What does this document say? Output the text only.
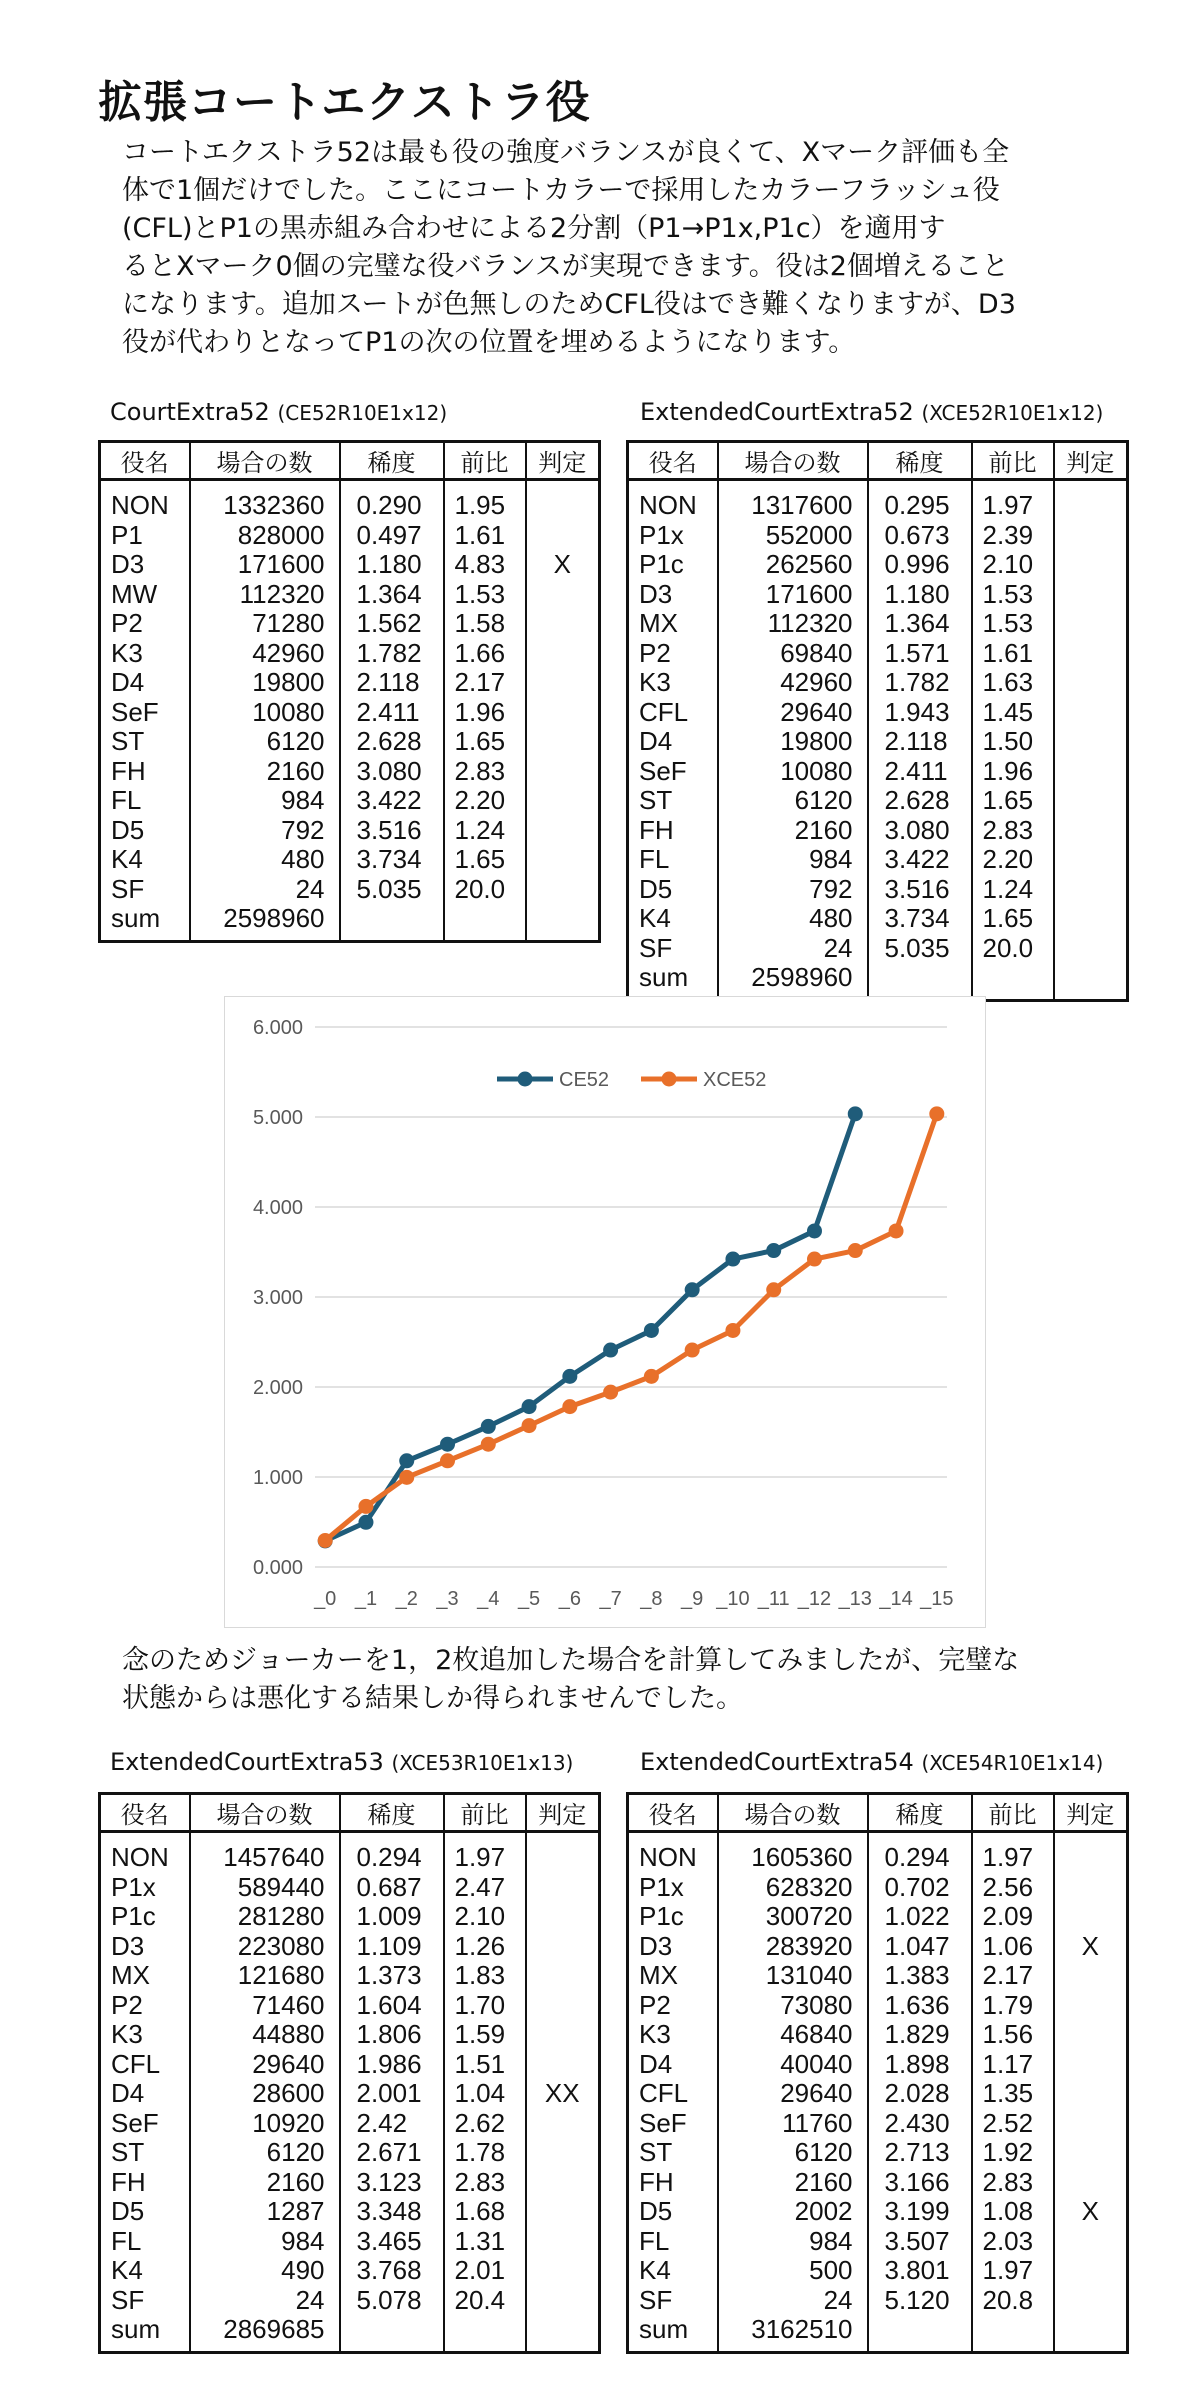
拡張コートエクストラ役
コートエクストラ52は最も役の強度バランスが良くて、Xマーク評価も全
体で1個だけでした。ここにコートカラーで採用したカラーフラッシュ役
(CFL)とP1の黒赤組み合わせによる2分割（P1→P1x,P1c）を適用す
るとXマーク0個の完璧な役バランスが実現できます。役は2個増えること
になります。追加スートが色無しのためCFL役はでき難くなりますが、D3
役が代わりとなってP1の次の位置を埋めるようになります。
CourtExtra52 (CE52R10E1x12)	ExtendedCourtExtra52 (XCE52R10E1x12)
役名	場合の数	稀度	前比	判定
NON	1332360	0.290	1.95	
P1	828000	0.497	1.61	
D3	171600	1.180	4.83	X
MW	112320	1.364	1.53	
P2	71280	1.562	1.58	
K3	42960	1.782	1.66	
D4	19800	2.118	2.17	
SeF	10080	2.411	1.96	
ST	6120	2.628	1.65	
FH	2160	3.080	2.83	
FL	984	3.422	2.20	
D5	792	3.516	1.24	
K4	480	3.734	1.65	
SF	24	5.035	20.0	
sum	2598960			
役名	場合の数	稀度	前比	判定
NON	1317600	0.295	1.97	
P1x	552000	0.673	2.39	
P1c	262560	0.996	2.10	
D3	171600	1.180	1.53	
MX	112320	1.364	1.53	
P2	69840	1.571	1.61	
K3	42960	1.782	1.63	
CFL	29640	1.943	1.45	
D4	19800	2.118	1.50	
SeF	10080	2.411	1.96	
ST	6120	2.628	1.65	
FH	2160	3.080	2.83	
FL	984	3.422	2.20	
D5	792	3.516	1.24	
K4	480	3.734	1.65	
SF	24	5.035	20.0	
sum	2598960			
0.000
1.000
2.000
3.000
4.000
5.000
6.000
_0 _1 _2 _3 _4 _5 _6 _7 _8 _9 _10 _11 _12 _13 _14 _15
CE52	XCE52
念のためジョーカーを1，2枚追加した場合を計算してみましたが、完璧な
状態からは悪化する結果しか得られませんでした。
ExtendedCourtExtra53 (XCE53R10E1x13)	ExtendedCourtExtra54 (XCE54R10E1x14)
役名	場合の数	稀度	前比	判定
NON	1457640	0.294	1.97	
P1x	589440	0.687	2.47	
P1c	281280	1.009	2.10	
D3	223080	1.109	1.26	
MX	121680	1.373	1.83	
P2	71460	1.604	1.70	
K3	44880	1.806	1.59	
CFL	29640	1.986	1.51	
D4	28600	2.001	1.04	XX
SeF	10920	2.42	2.62	
ST	6120	2.671	1.78	
FH	2160	3.123	2.83	
D5	1287	3.348	1.68	
FL	984	3.465	1.31	
K4	490	3.768	2.01	
SF	24	5.078	20.4	
sum	2869685			
役名	場合の数	稀度	前比	判定
NON	1605360	0.294	1.97	
P1x	628320	0.702	2.56	
P1c	300720	1.022	2.09	
D3	283920	1.047	1.06	X
MX	131040	1.383	2.17	
P2	73080	1.636	1.79	
K3	46840	1.829	1.56	
D4	40040	1.898	1.17	
CFL	29640	2.028	1.35	
SeF	11760	2.430	2.52	
ST	6120	2.713	1.92	
FH	2160	3.166	2.83	
D5	2002	3.199	1.08	X
FL	984	3.507	2.03	
K4	500	3.801	1.97	
SF	24	5.120	20.8	
sum	3162510			
